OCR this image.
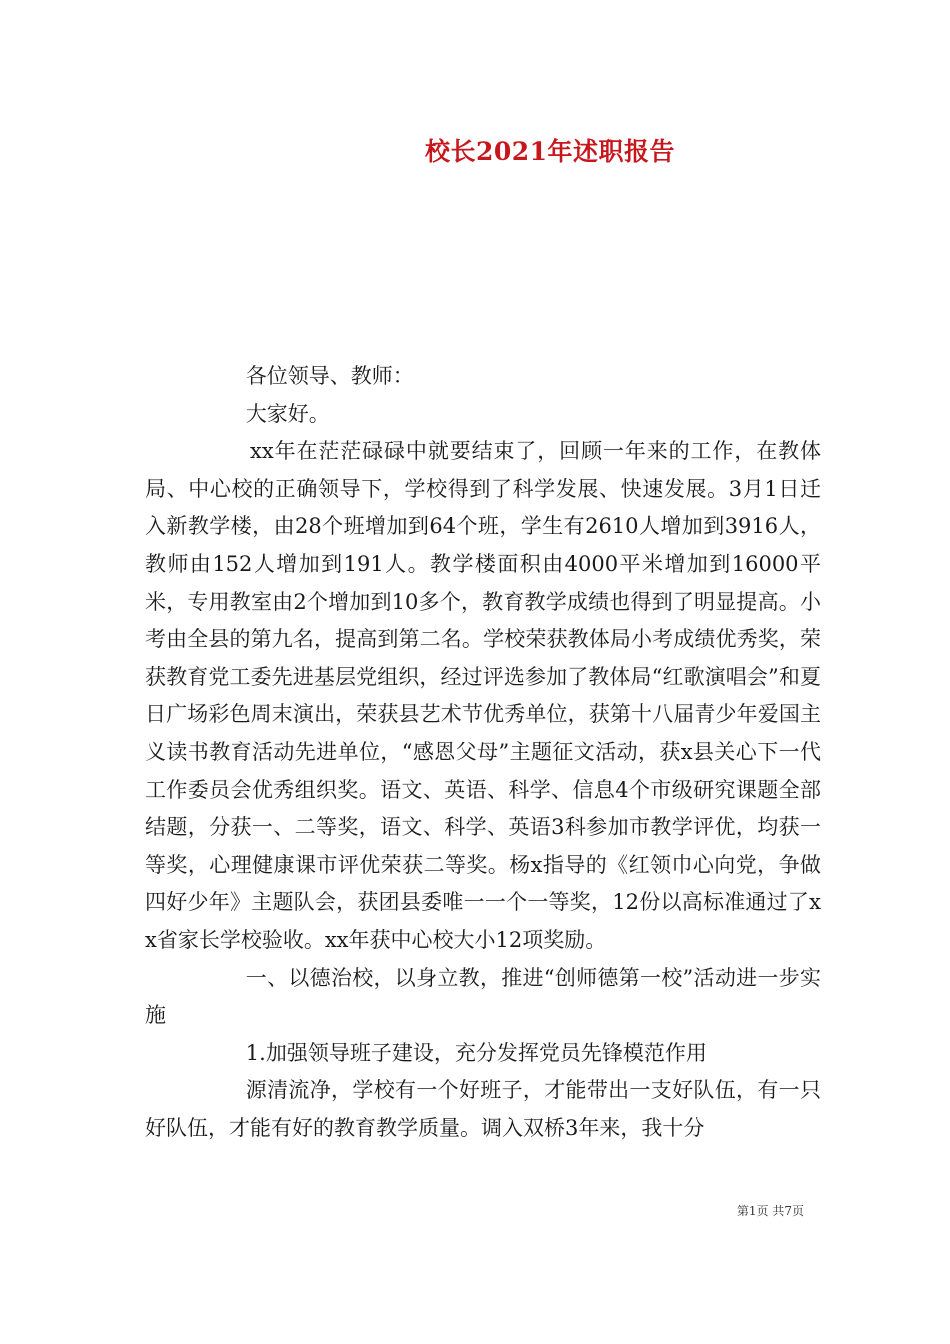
校长2021年述职报告

各位领导、教师：

大家好。

xx年在茫茫碌碌中就要结束了，回顾一年来的工作，在教体局、中心校的正确领导下，学校得到了科学发展、快速发展。3月1日迁入新教学楼，由28个班增加到64个班，学生有2610人增加到3916人，教师由152人增加到191人。教学楼面积由4000平米增加到16000平米，专用教室由2个增加到10多个，教育教学成绩也得到了明显提高。小考由全县的第九名，提高到第二名。学校荣获教体局小考成绩优秀奖，荣获教育党工委先进基层党组织，经过评选参加了教体局“红歌演唱会”和夏日广场彩色周末演出，荣获县艺术节优秀单位，获第十八届青少年爱国主义读书教育活动先进单位，“感恩父母”主题征文活动，获x县关心下一代工作委员会优秀组织奖。语文、英语、科学、信息4个市级研究课题全部结题，分获一、二等奖，语文、科学、英语3科参加市教学评优，均获一等奖，心理健康课市评优荣获二等奖。杨x指导的《红领巾心向党，争做四好少年》主题队会，获团县委唯一一个一等奖，12份以高标准通过了xx省家长学校验收。xx年获中心校大小12项奖励。

一、以德治校，以身立教，推进“创师德第一校”活动进一步实施

1.加强领导班子建设，充分发挥党员先锋模范作用

源清流净，学校有一个好班子，才能带出一支好队伍，有一只好队伍，才能有好的教育教学质量。调入双桥3年来，我十分

第1页 共7页
